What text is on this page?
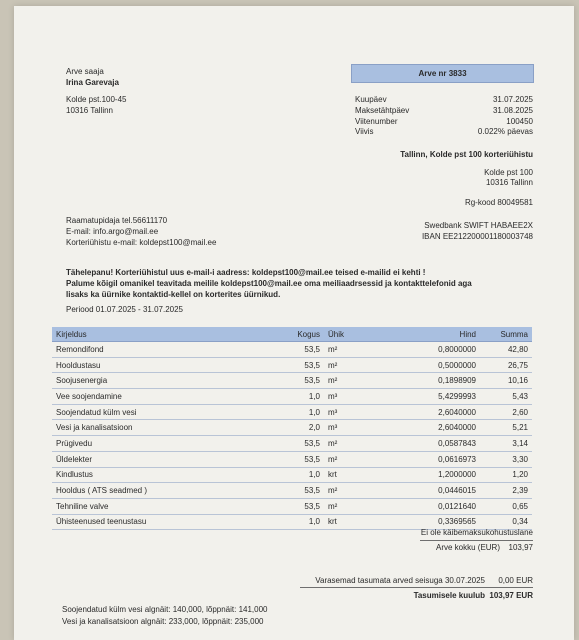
Arve saaja
Irina Garevaja
Kolde pst.100-45
10316 Tallinn
Arve nr 3833
Kuupäev	31.07.2025
Maksetähtpäev	31.08.2025
Viitenumber	100450
Viivis	0.022% päevas
Tallinn, Kolde pst 100 korteriühistu
Kolde pst 100
10316 Tallinn
Rg-kood 80049581
Swedbank SWIFT HABAEE2X
IBAN EE212200001180003748
Raamatupidaja tel.56611170
E-mail: info.argo@mail.ee
Korteriühistu e-mail: koldepst100@mail.ee
Tähelepanu! Korteriühistul uus e-mail-i aadress: koldepst100@mail.ee teised e-mailid ei kehti !
Palume kõigil omanikel teavitada meilile koldepst100@mail.ee oma meiliaadrsessid ja kontakttelefonid aga
lisaks ka üürnike kontaktid-kellel on korterites üürnikud.
Periood 01.07.2025 - 31.07.2025
Kirjeldus	Kogus	Ühik	Hind	Summa
Remondifond	53,5	m²	0,8000000	42,80
Hooldustasu	53,5	m²	0,5000000	26,75
Soojusenergia	53,5	m²	0,1898909	10,16
Vee soojendamine	1,0	m³	5,4299993	5,43
Soojendatud külm vesi	1,0	m³	2,6040000	2,60
Vesi ja kanalisatsioon	2,0	m³	2,6040000	5,21
Prügivedu	53,5	m²	0,0587843	3,14
Üldelekter	53,5	m²	0,0616973	3,30
Kindlustus	1,0	krt	1,2000000	1,20
Hooldus ( ATS seadmed )	53,5	m²	0,0446015	2,39
Tehniline valve	53,5	m²	0,0121640	0,65
Ühisteenused teenustasu	1,0	krt	0,3369565	0,34
Ei ole käibemaksukohustuslane
Arve kokku (EUR) 103,97
Varasemad tasumata arved seisuga 30.07.2025 0,00 EUR
Tasumisele kuulub 103,97 EUR
Soojendatud külm vesi algnäit: 140,000, lõppnäit: 141,000
Vesi ja kanalisatsioon algnäit: 233,000, lõppnäit: 235,000
